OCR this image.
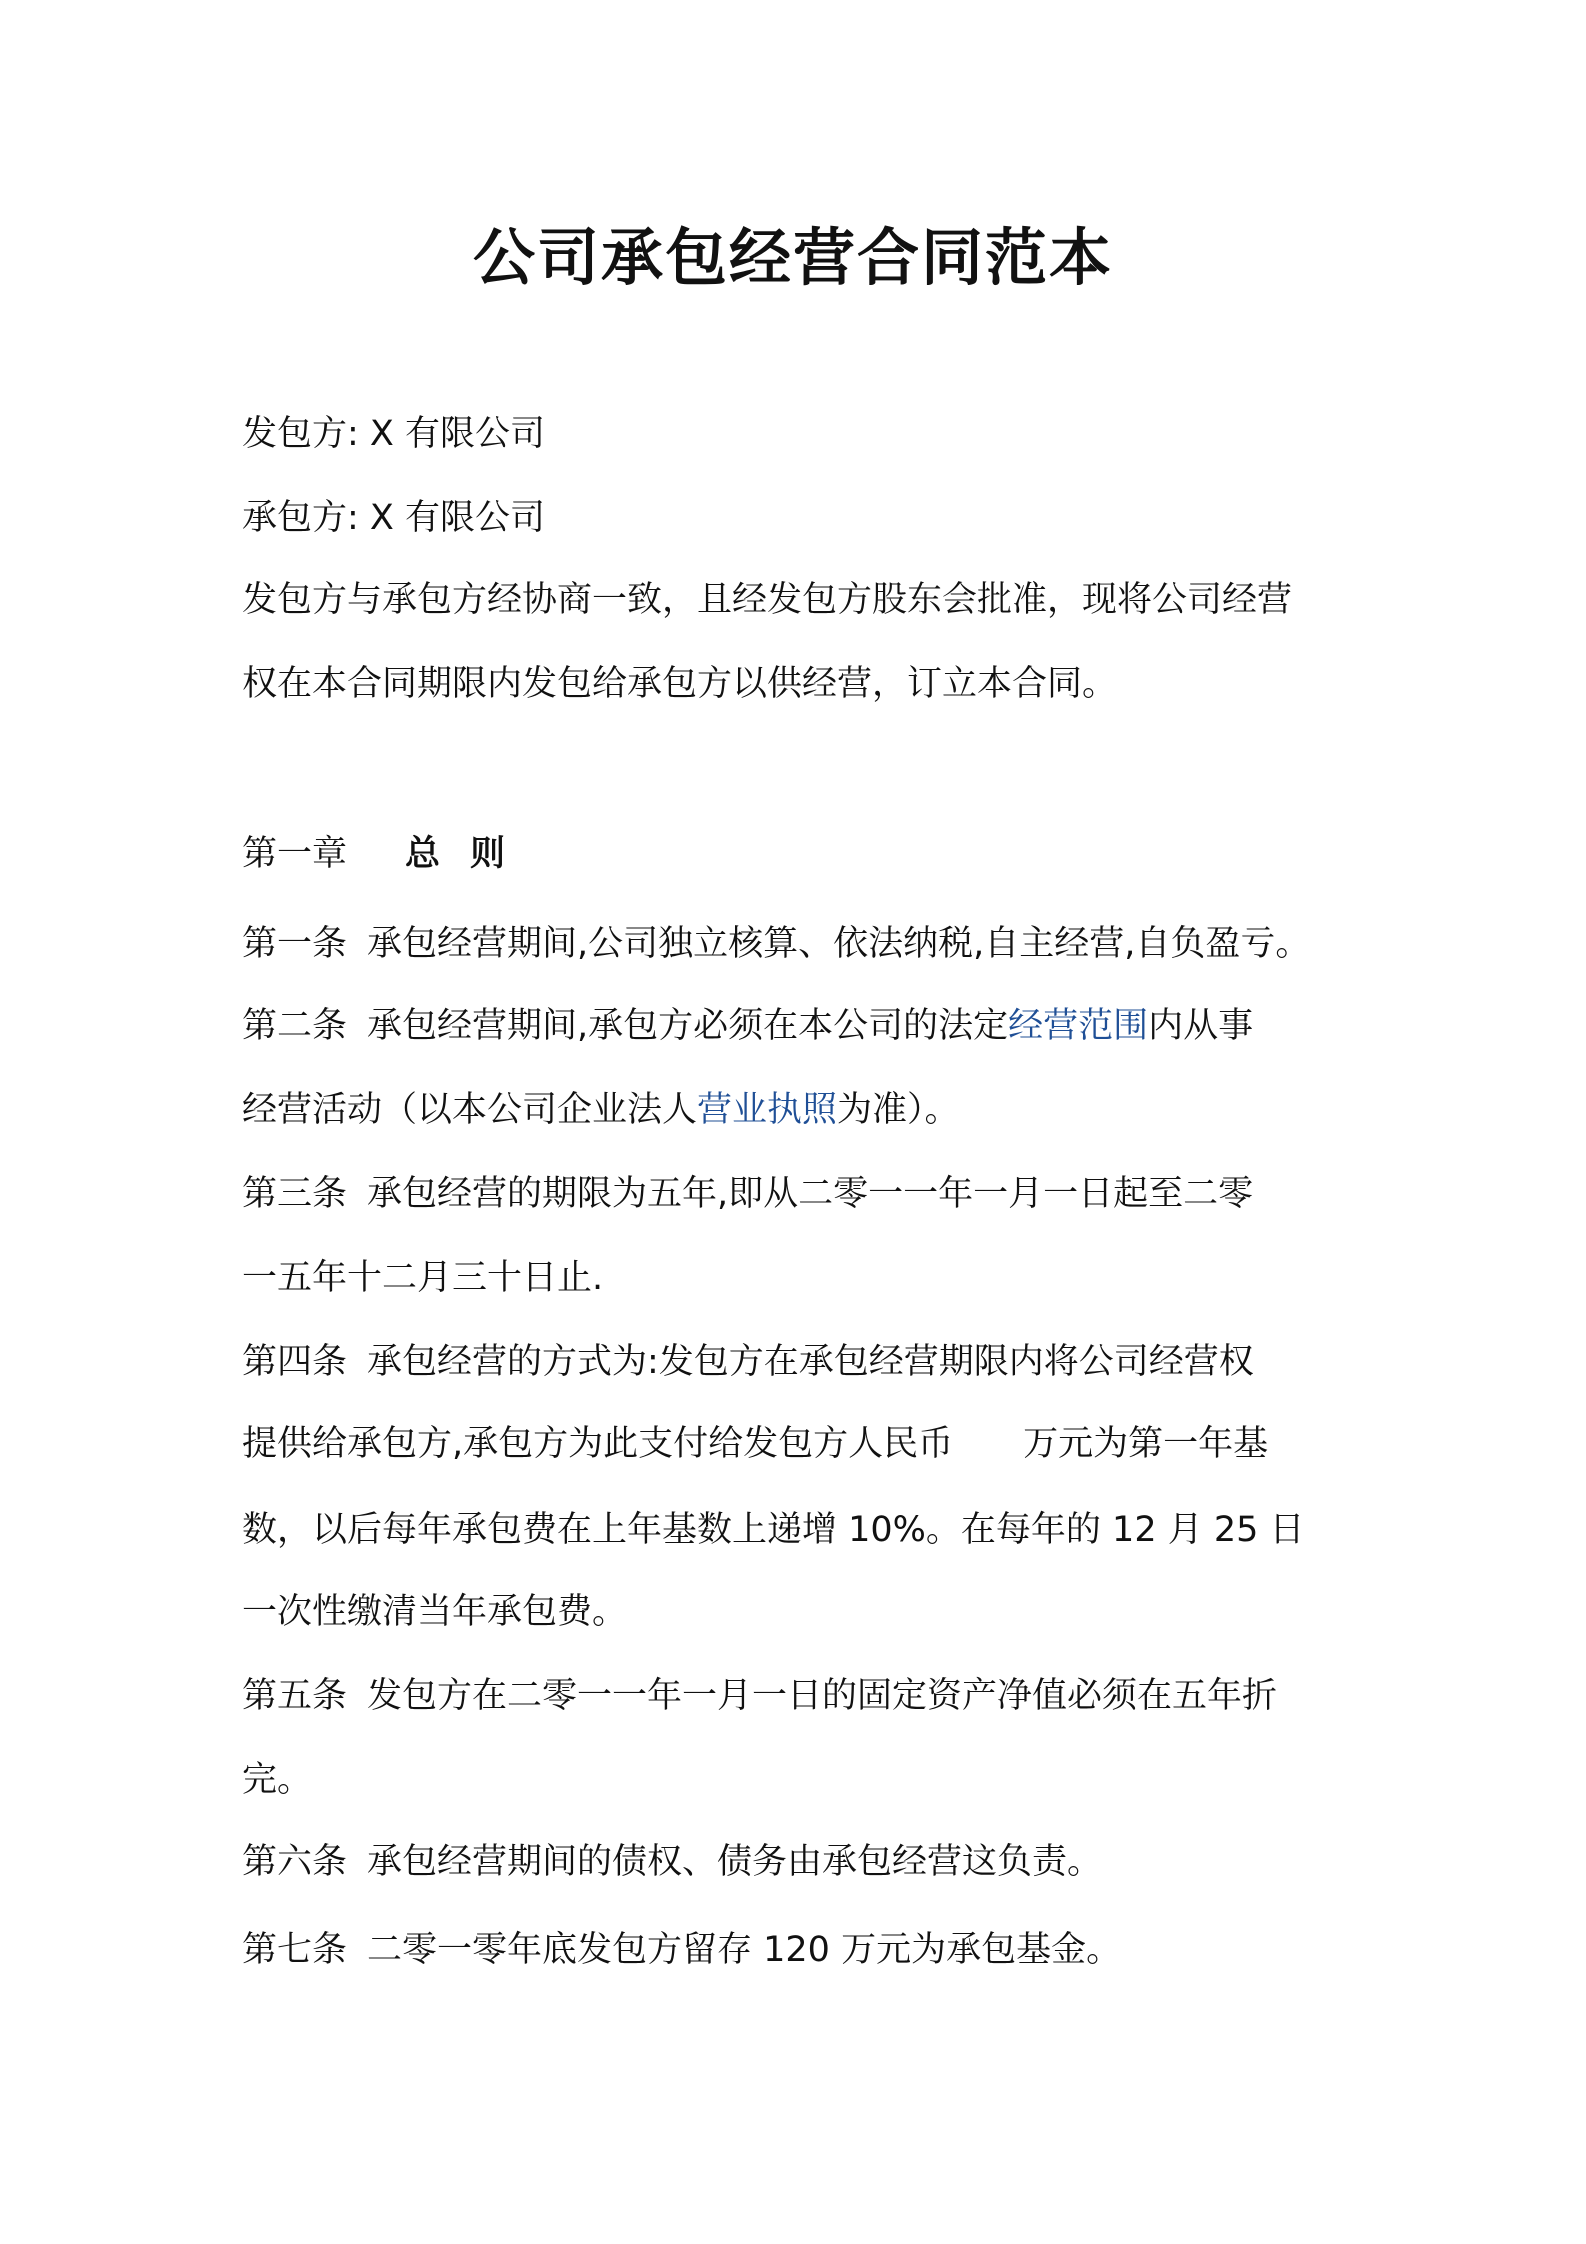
公司承包经营合同范本
发包方: X 有限公司
承包方: X 有限公司
发包方与承包方经协商一致，且经发包方股东会批准，现将公司经营
权在本合同期限内发包给承包方以供经营，订立本合同。
第一章 总则
第一条 承包经营期间,公司独立核算、依法纳税,自主经营,自负盈亏。
第二条 承包经营期间,承包方必须在本公司的法定经营范围内从事
经营活动（以本公司企业法人营业执照为准）。
第三条 承包经营的期限为五年,即从二零一一年一月一日起至二零
一五年十二月三十日止.
第四条 承包经营的方式为:发包方在承包经营期限内将公司经营权
提供给承包方,承包方为此支付给发包方人民币 万元为第一年基
数，以后每年承包费在上年基数上递增 10%。在每年的 12 月 25 日
一次性缴清当年承包费。
第五条 发包方在二零一一年一月一日的固定资产净值必须在五年折
完。
第六条 承包经营期间的债权、债务由承包经营这负责。
第七条 二零一零年底发包方留存 120 万元为承包基金。
